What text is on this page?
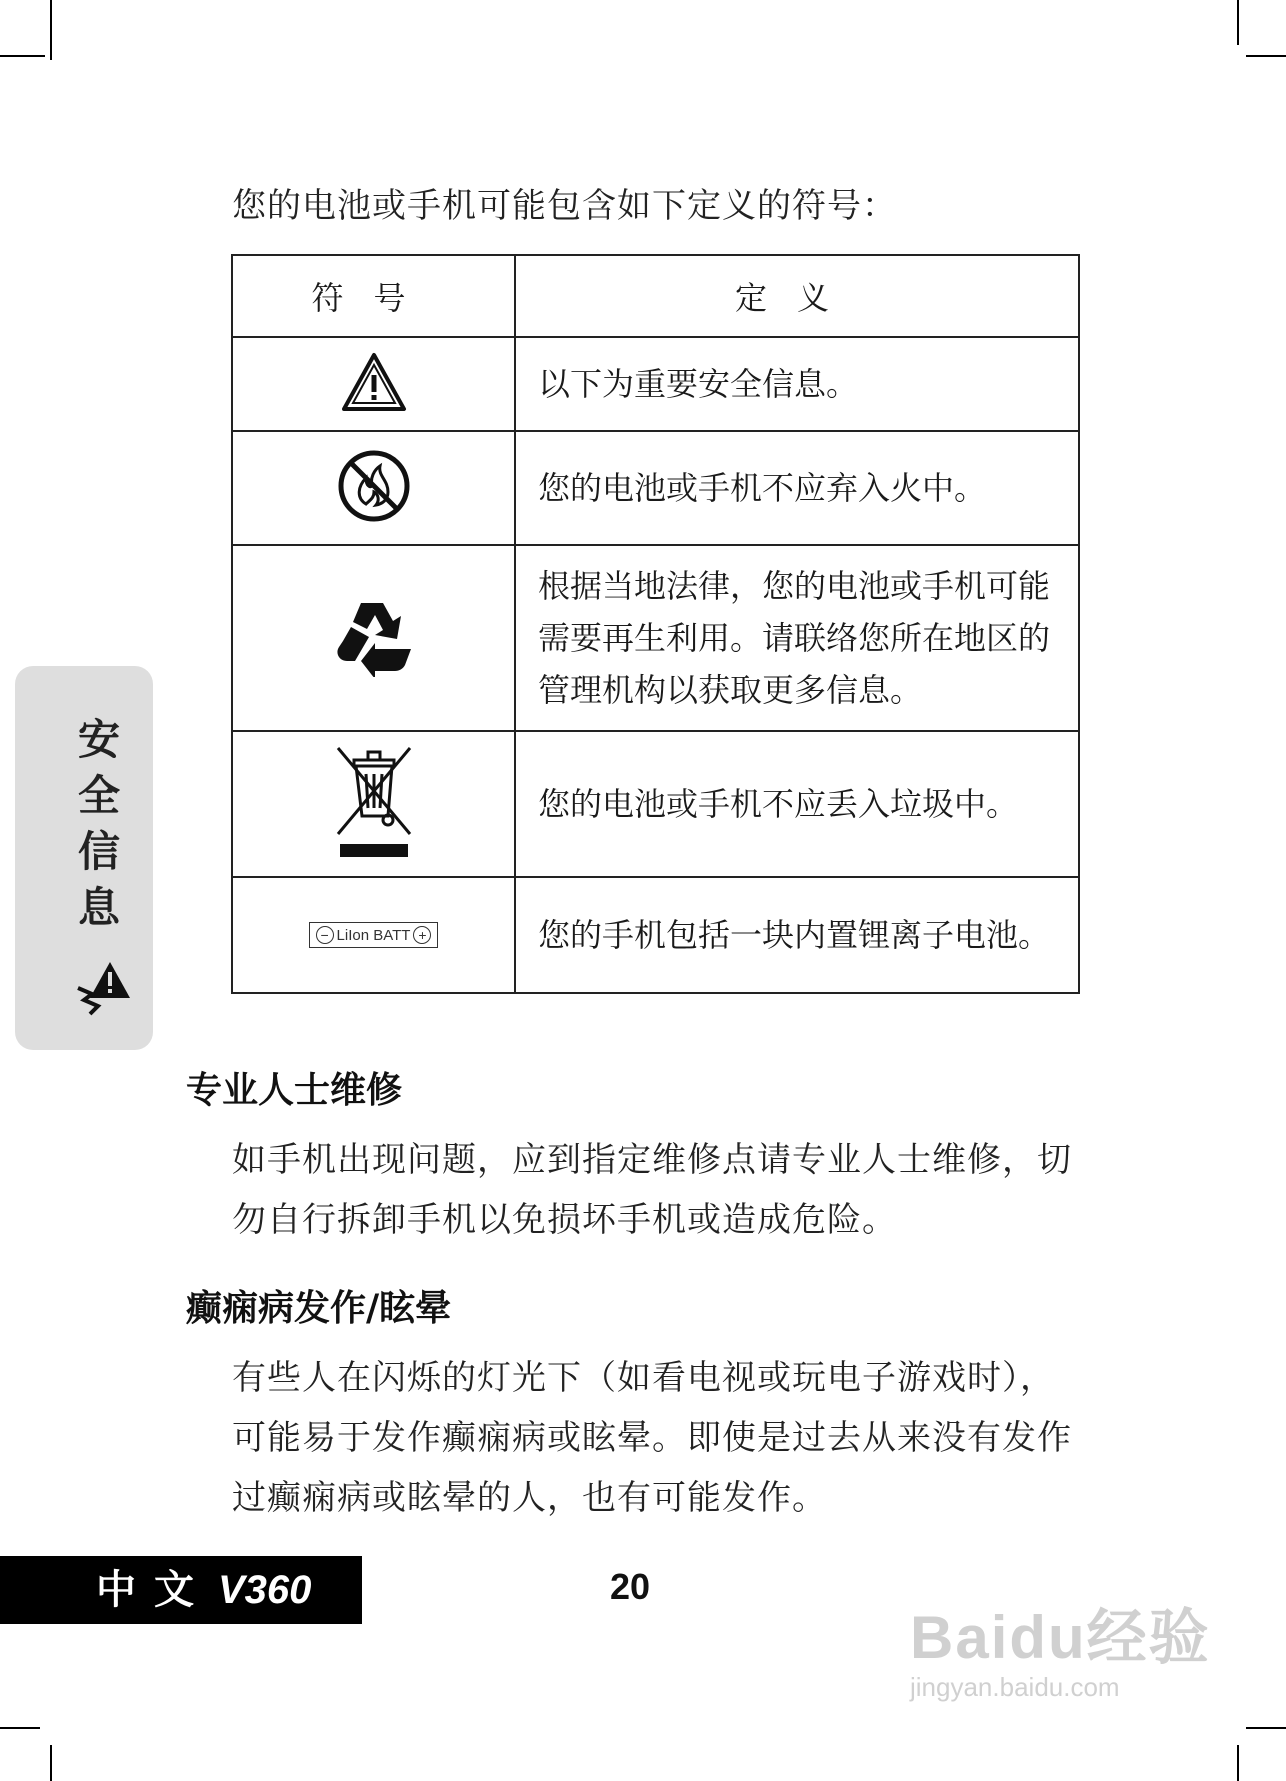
您的电池或手机可能包含如下定义的符号：
符号	定义
	以下为重要安全信息。
	您的电池或手机不应弃入火中。
	根据当地法律，您的电池或手机可能需要再生利用。请联络您所在地区的管理机构以获取更多信息。
	您的电池或手机不应丢入垃圾中。

− LiIon BATT +	您的手机包括一块内置锂离子电池。
安
全
信
息
专业人士维修
如手机出现问题，应到指定维修点请专业人士维修，切勿自行拆卸手机以免损坏手机或造成危险。
癫痫病发作/眩晕
有些人在闪烁的灯光下（如看电视或玩电子游戏时），可能易于发作癫痫病或眩晕。即使是过去从来没有发作过癫痫病或眩晕的人，也有可能发作。
中文 V360	20
Baidu经验
jingyan.baidu.com
